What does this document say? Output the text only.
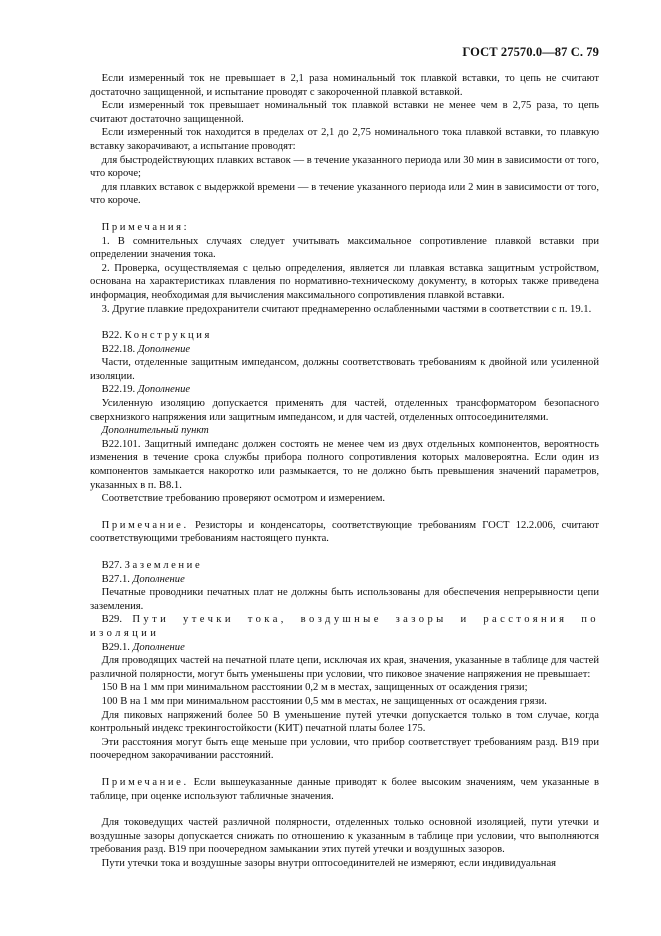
ГОСТ 27570.0—87 С. 79

Если измеренный ток не превышает в 2,1 раза номинальный ток плавкой вставки, то цепь не считают достаточно защищенной, и испытание проводят с закороченной плавкой вставкой.

Если измеренный ток превышает номинальный ток плавкой вставки не менее чем в 2,75 раза, то цепь считают достаточно защищенной.

Если измеренный ток находится в пределах от 2,1 до 2,75 номинального тока плавкой вставки, то плавкую вставку закорачивают, а испытание проводят:

для быстродействующих плавких вставок — в течение указанного периода или 30 мин в зависимости от того, что короче;

для плавких вставок с выдержкой времени — в течение указанного периода или 2 мин в зависимости от того, что короче.

Примечания:

1. В сомнительных случаях следует учитывать максимальное сопротивление плавкой вставки при определении значения тока.

2. Проверка, осуществляемая с целью определения, является ли плавкая вставка защитным устройством, основана на характеристиках плавления по нормативно-техническому документу, в которых также приведена информация, необходимая для вычисления максимального сопротивления плавкой вставки.

3. Другие плавкие предохранители считают преднамеренно ослабленными частями в соответствии с п. 19.1.

В22. Конструкция

В22.18. Дополнение

Части, отделенные защитным импедансом, должны соответствовать требованиям к двойной или усиленной изоляции.

В22.19. Дополнение

Усиленную изоляцию допускается применять для частей, отделенных трансформатором безопасного сверхнизкого напряжения или защитным импедансом, и для частей, отделенных оптосоединителями.

Дополнительный пункт

В22.101. Защитный импеданс должен состоять не менее чем из двух отдельных компонентов, вероятность изменения в течение срока службы прибора полного сопротивления которых маловероятна. Если один из компонентов замыкается накоротко или размыкается, то не должно быть превышения значений параметров, указанных в п. В8.1.

Соответствие требованию проверяют осмотром и измерением.

Примечание. Резисторы и конденсаторы, соответствующие требованиям ГОСТ 12.2.006, считают соответствующими требованиям настоящего пункта.

В27. Заземление

В27.1. Дополнение

Печатные проводники печатных плат не должны быть использованы для обеспечения непрерывности цепи заземления.

В29. Пути утечки тока, воздушные зазоры и расстояния по изоляции

В29.1. Дополнение

Для проводящих частей на печатной плате цепи, исключая их края, значения, указанные в таблице для частей различной полярности, могут быть уменьшены при условии, что пиковое значение напряжения не превышает:

150 В на 1 мм при минимальном расстоянии 0,2 м в местах, защищенных от осаждения грязи;

100 В на 1 мм при минимальном расстоянии 0,5 мм в местах, не защищенных от осаждения грязи.

Для пиковых напряжений более 50 В уменьшение путей утечки допускается только в том случае, когда контрольный индекс трекингостойкости (КИТ) печатной платы более 175.

Эти расстояния могут быть еще меньше при условии, что прибор соответствует требованиям разд. В19 при поочередном закорачивании расстояний.

Примечание. Если вышеуказанные данные приводят к более высоким значениям, чем указанные в таблице, при оценке используют табличные значения.

Для токоведущих частей различной полярности, отделенных только основной изоляцией, пути утечки и воздушные зазоры допускается снижать по отношению к указанным в таблице при условии, что выполняются требования разд. В19 при поочередном замыкании этих путей утечки и воздушных зазоров.

Пути утечки тока и воздушные зазоры внутри оптосоединителей не измеряют, если индивидуальная
